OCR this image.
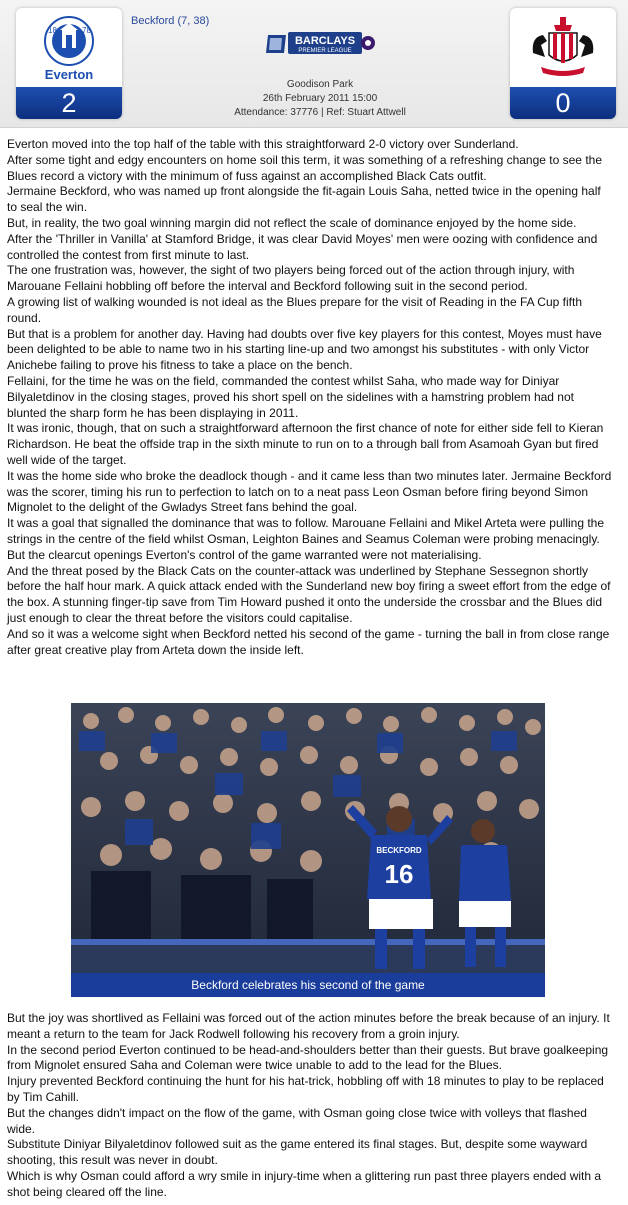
18	78
Everton
2
Beckford (7, 38)
BARCLAYS
PREMIER LEAGUE
Goodison Park
26th February 2011 15:00
Attendance: 37776 | Ref: Stuart Attwell	0

Everton moved into the top half of the table with this straightforward 2-0 victory over Sunderland.

After some tight and edgy encounters on home soil this term, it was something of a refreshing change to see the Blues record a victory with the minimum of fuss against an accomplished Black Cats outfit.

Jermaine Beckford, who was named up front alongside the fit-again Louis Saha, netted twice in the opening half to seal the win.

But, in reality, the two goal winning margin did not reflect the scale of dominance enjoyed by the home side.

After the 'Thriller in Vanilla' at Stamford Bridge, it was clear David Moyes' men were oozing with confidence and controlled the contest from first minute to last.

The one frustration was, however, the sight of two players being forced out of the action through injury, with Marouane Fellaini hobbling off before the interval and Beckford following suit in the second period.

A growing list of walking wounded is not ideal as the Blues prepare for the visit of Reading in the FA Cup fifth round.

But that is a problem for another day. Having had doubts over five key players for this contest, Moyes must have been delighted to be able to name two in his starting line-up and two amongst his substitutes - with only Victor Anichebe failing to prove his fitness to take a place on the bench.

Fellaini, for the time he was on the field, commanded the contest whilst Saha, who made way for Diniyar Bilyaletdinov in the closing stages, proved his short spell on the sidelines with a hamstring problem had not blunted the sharp form he has been displaying in 2011.

It was ironic, though, that on such a straightforward afternoon the first chance of note for either side fell to Kieran Richardson. He beat the offside trap in the sixth minute to run on to a through ball from Asamoah Gyan but fired well wide of the target.

It was the home side who broke the deadlock though - and it came less than two minutes later. Jermaine Beckford was the scorer, timing his run to perfection to latch on to a neat pass Leon Osman before firing beyond Simon Mignolet to the delight of the Gwladys Street fans behind the goal.

It was a goal that signalled the dominance that was to follow. Marouane Fellaini and Mikel Arteta were pulling the strings in the centre of the field whilst Osman, Leighton Baines and Seamus Coleman were probing menacingly. But the clearcut openings Everton's control of the game warranted were not materialising.

And the threat posed by the Black Cats on the counter-attack was underlined by Stephane Sessegnon shortly before the half hour mark. A quick attack ended with the Sunderland new boy firing a sweet effort from the edge of the box. A stunning finger-tip save from Tim Howard pushed it onto the underside the crossbar and the Blues did just enough to clear the threat before the visitors could capitalise.

And so it was a welcome sight when Beckford netted his second of the game - turning the ball in from close range after great creative play from Arteta down the inside left.

BECKFORD
16
Beckford celebrates his second of the game

But the joy was shortlived as Fellaini was forced out of the action minutes before the break because of an injury. It meant a return to the team for Jack Rodwell following his recovery from a groin injury.

In the second period Everton continued to be head-and-shoulders better than their guests. But brave goalkeeping from Mignolet ensured Saha and Coleman were twice unable to add to the lead for the Blues.

Injury prevented Beckford continuing the hunt for his hat-trick, hobbling off with 18 minutes to play to be replaced by Tim Cahill.

But the changes didn't impact on the flow of the game, with Osman going close twice with volleys that flashed wide.

Substitute Diniyar Bilyaletdinov followed suit as the game entered its final stages. But, despite some wayward shooting, this result was never in doubt.

Which is why Osman could afford a wry smile in injury-time when a glittering run past three players ended with a shot being cleared off the line.
